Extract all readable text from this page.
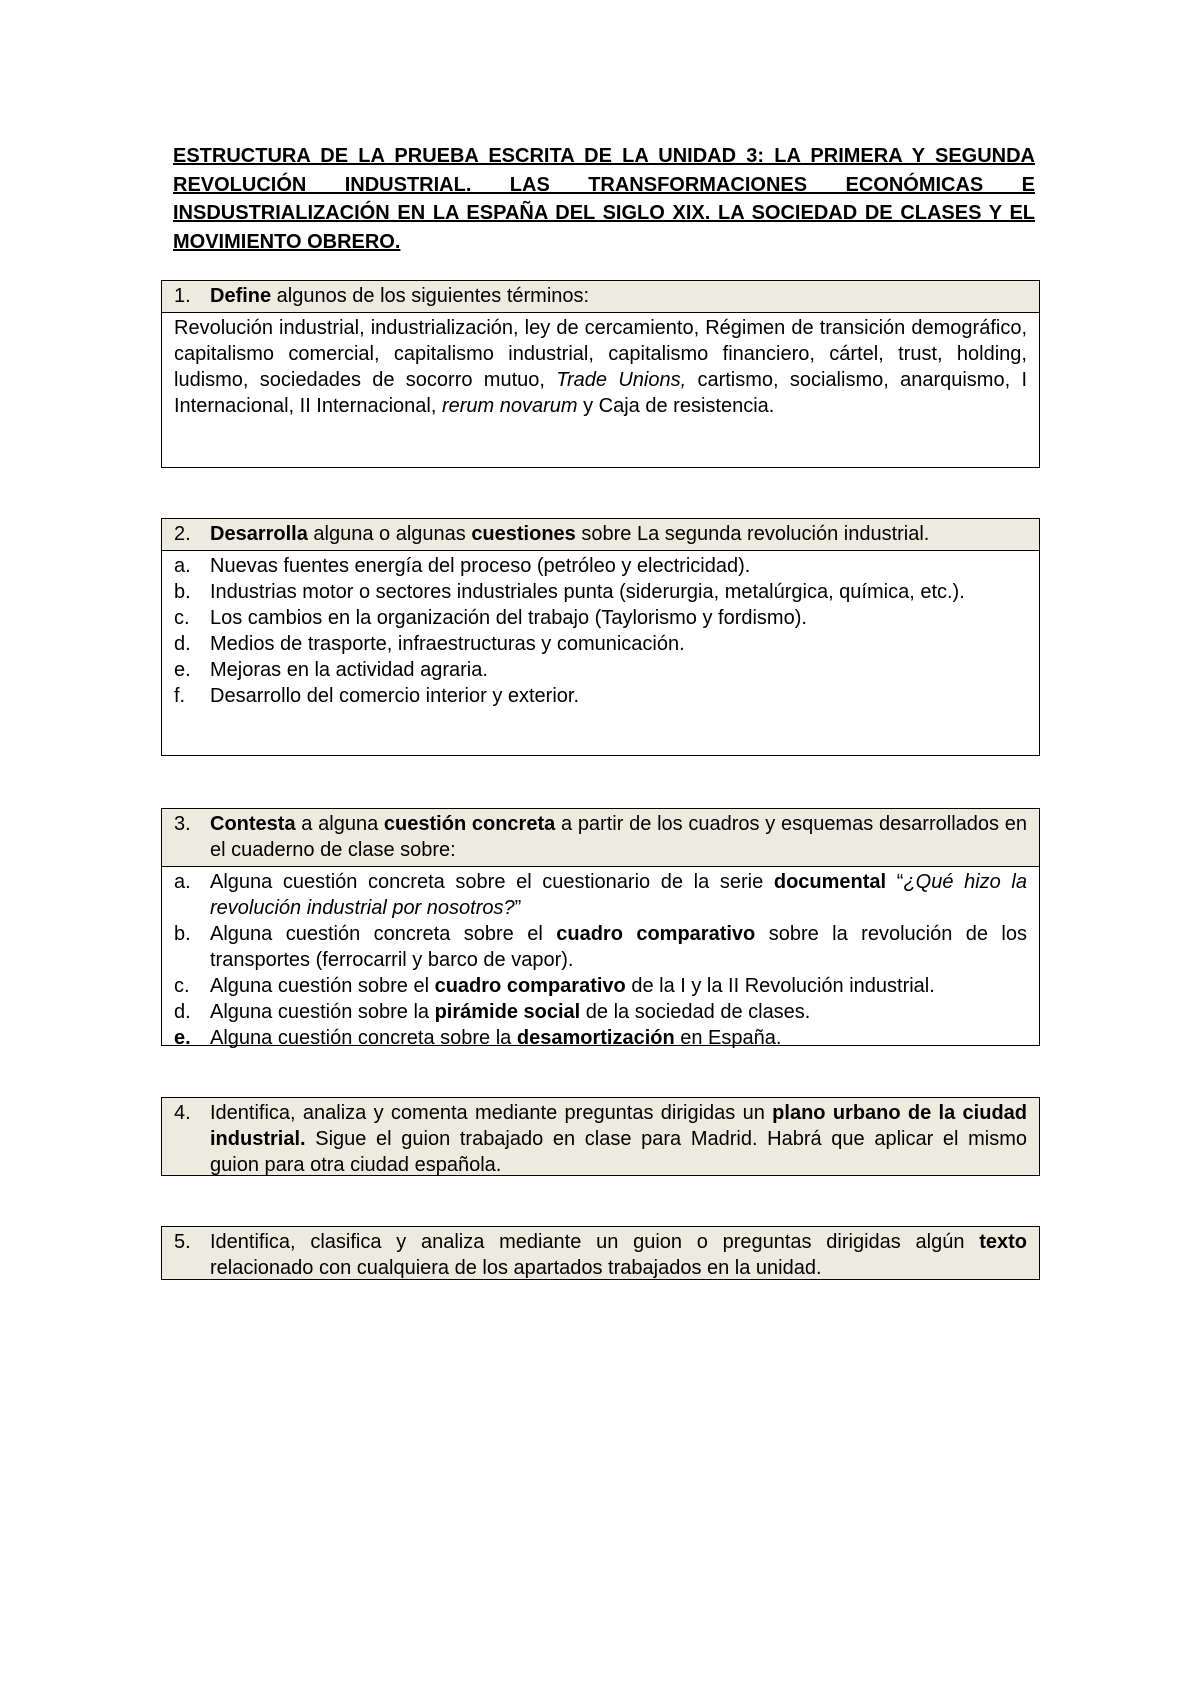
ESTRUCTURA DE LA PRUEBA ESCRITA DE LA UNIDAD 3: LA PRIMERA Y SEGUNDA REVOLUCIÓN INDUSTRIAL. LAS TRANSFORMACIONES ECONÓMICAS E INSDUSTRIALIZACIÓN EN LA ESPAÑA DEL SIGLO XIX. LA SOCIEDAD DE CLASES Y EL MOVIMIENTO OBRERO.

1. Define algunos de los siguientes términos:
Revolución industrial, industrialización, ley de cercamiento, Régimen de transición demográfico, capitalismo comercial, capitalismo industrial, capitalismo financiero, cártel, trust, holding, ludismo, sociedades de socorro mutuo, Trade Unions, cartismo, socialismo, anarquismo, I Internacional, II Internacional, rerum novarum y Caja de resistencia.
2. Desarrolla alguna o algunas cuestiones sobre La segunda revolución industrial.
a. Nuevas fuentes energía del proceso (petróleo y electricidad).
b. Industrias motor o sectores industriales punta (siderurgia, metalúrgica, química, etc.).
c.	Los cambios en la organización del trabajo (Taylorismo y fordismo).
d. Medios de trasporte, infraestructuras y comunicación.
e. Mejoras en la actividad agraria.
f.	Desarrollo del comercio interior y exterior.
3. Contesta a alguna cuestión concreta a partir de los cuadros y esquemas desarrollados en el cuaderno de clase sobre:
a. Alguna cuestión concreta sobre el cuestionario de la serie documental “¿Qué hizo la revolución industrial por nosotros?”
b. Alguna cuestión concreta sobre el cuadro comparativo sobre la revolución de los transportes (ferrocarril y barco de vapor).
c.	Alguna cuestión sobre el cuadro comparativo de la I y la II Revolución industrial.
d. Alguna cuestión sobre la pirámide social de la sociedad de clases.
e. Alguna cuestión concreta sobre la desamortización en España.
4. Identifica, analiza y comenta mediante preguntas dirigidas un plano urbano de la ciudad industrial. Sigue el guion trabajado en clase para Madrid. Habrá que aplicar el mismo guion para otra ciudad española.
5. Identifica, clasifica y analiza mediante un guion o preguntas dirigidas algún texto relacionado con cualquiera de los apartados trabajados en la unidad.
